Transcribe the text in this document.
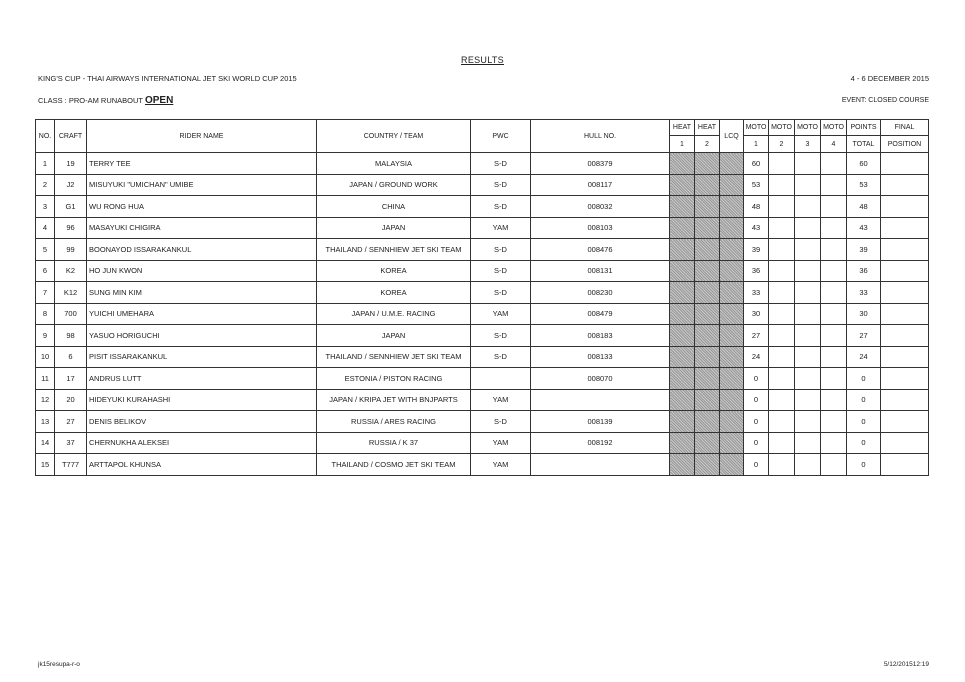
RESULTS
KING'S CUP - THAI AIRWAYS INTERNATIONAL JET SKI WORLD CUP 2015	4 - 6 DECEMBER 2015
CLASS : PRO-AM RUNABOUT OPEN	EVENT: CLOSED COURSE
NO.	CRAFT	RIDER NAME	COUNTRY / TEAM	PWC	HULL NO.	HEAT	HEAT	LCQ	MOTO	MOTO	MOTO	MOTO	POINTS	FINAL
						1	2		1	2	3	4	TOTAL	POSITION
1	19	TERRY TEE	MALAYSIA	S-D	008379				60				60	
2	J2	MISUYUKI "UMICHAN" UMIBE	JAPAN / GROUND WORK	S-D	008117				53				53	
3	G1	WU RONG HUA	CHINA	S-D	008032				48				48	
4	96	MASAYUKI CHIGIRA	JAPAN	YAM	008103				43				43	
5	99	BOONAYOD ISSARAKANKUL	THAILAND / SENNHIEW JET SKI TEAM	S-D	008476				39				39	
6	K2	HO JUN KWON	KOREA	S-D	008131				36				36	
7	K12	SUNG MIN KIM	KOREA	S-D	008230				33				33	
8	700	YUICHI UMEHARA	JAPAN / U.M.E. RACING	YAM	008479				30				30	
9	98	YASUO HORIGUCHI	JAPAN	S-D	008183				27				27	
10	6	PISIT ISSARAKANKUL	THAILAND / SENNHIEW JET SKI TEAM	S-D	008133				24				24	
11	17	ANDRUS LUTT	ESTONIA / PISTON RACING		008070				0				0	
12	20	HIDEYUKI KURAHASHI	JAPAN / KRIPA JET WITH BNJPARTS	YAM					0				0	
13	27	DENIS BELIKOV	RUSSIA / ARES RACING	S-D	008139				0				0	
14	37	CHERNUKHA ALEKSEI	RUSSIA / K 37	YAM	008192				0				0	
15	T777	ARTTAPOL KHUNSA	THAILAND / COSMO JET SKI TEAM	YAM					0				0	
jk15resupa-r-o	5/12/201512:19
